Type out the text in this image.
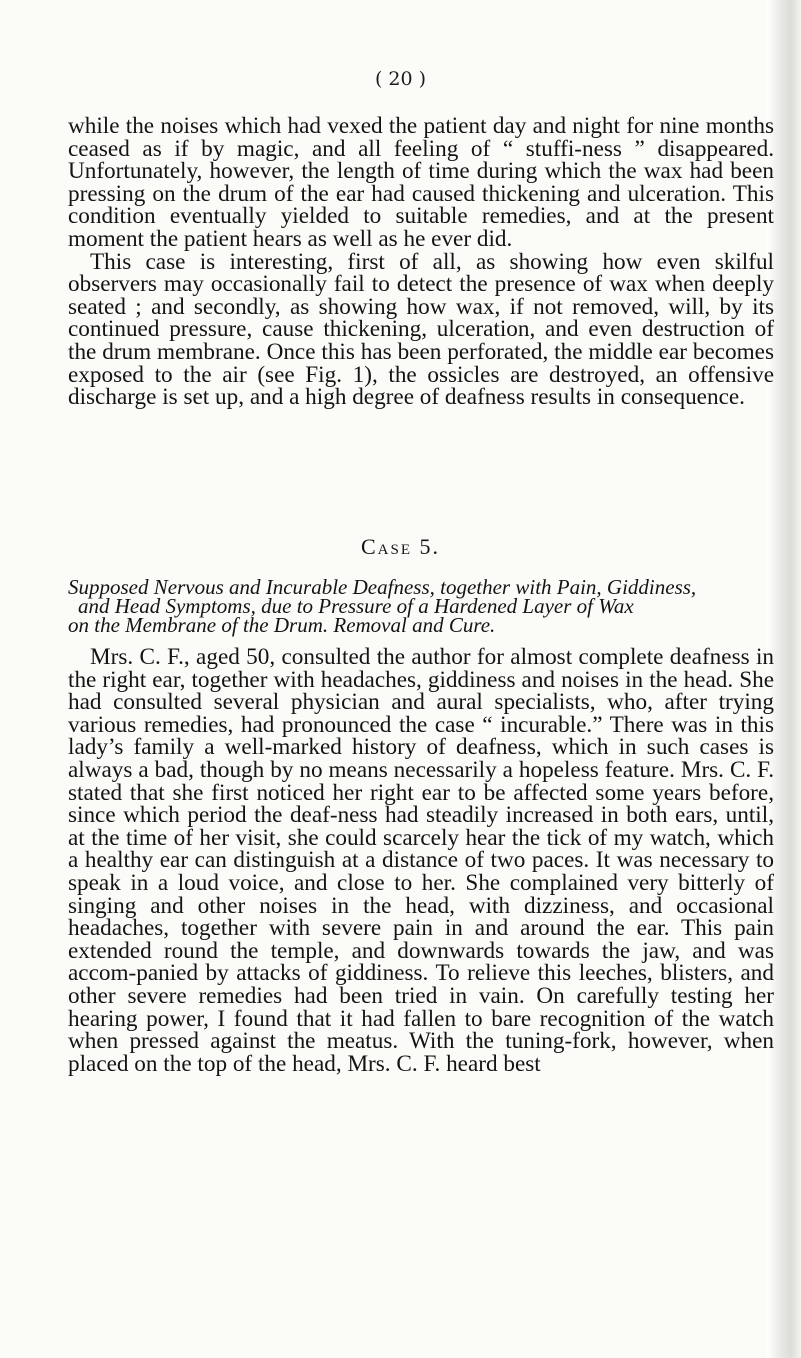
( 20 )

while the noises which had vexed the patient day and night for nine months ceased as if by magic, and all feeling of “ stuffi-ness ” disappeared. Unfortunately, however, the length of time during which the wax had been pressing on the drum of the ear had caused thickening and ulceration. This condition eventually yielded to suitable remedies, and at the present moment the patient hears as well as he ever did.

This case is interesting, first of all, as showing how even skilful observers may occasionally fail to detect the presence of wax when deeply seated ; and secondly, as showing how wax, if not removed, will, by its continued pressure, cause thickening, ulceration, and even destruction of the drum membrane. Once this has been perforated, the middle ear becomes exposed to the air (see Fig. 1), the ossicles are destroyed, an offensive discharge is set up, and a high degree of deafness results in consequence.

Case 5.
Supposed Nervous and Incurable Deafness, together with Pain, Giddiness,
and Head Symptoms, due to Pressure of a Hardened Layer of Wax
on the Membrane of the Drum. Removal and Cure.

Mrs. C. F., aged 50, consulted the author for almost complete deafness in the right ear, together with headaches, giddiness and noises in the head. She had consulted several physician and aural specialists, who, after trying various remedies, had pronounced the case “ incurable.” There was in this lady’s family a well-marked history of deafness, which in such cases is always a bad, though by no means necessarily a hopeless feature. Mrs. C. F. stated that she first noticed her right ear to be affected some years before, since which period the deaf-ness had steadily increased in both ears, until, at the time of her visit, she could scarcely hear the tick of my watch, which a healthy ear can distinguish at a distance of two paces. It was necessary to speak in a loud voice, and close to her. She complained very bitterly of singing and other noises in the head, with dizziness, and occasional headaches, together with severe pain in and around the ear. This pain extended round the temple, and downwards towards the jaw, and was accom-panied by attacks of giddiness. To relieve this leeches, blisters, and other severe remedies had been tried in vain. On carefully testing her hearing power, I found that it had fallen to bare recognition of the watch when pressed against the meatus. With the tuning-fork, however, when placed on the top of the head, Mrs. C. F. heard best
